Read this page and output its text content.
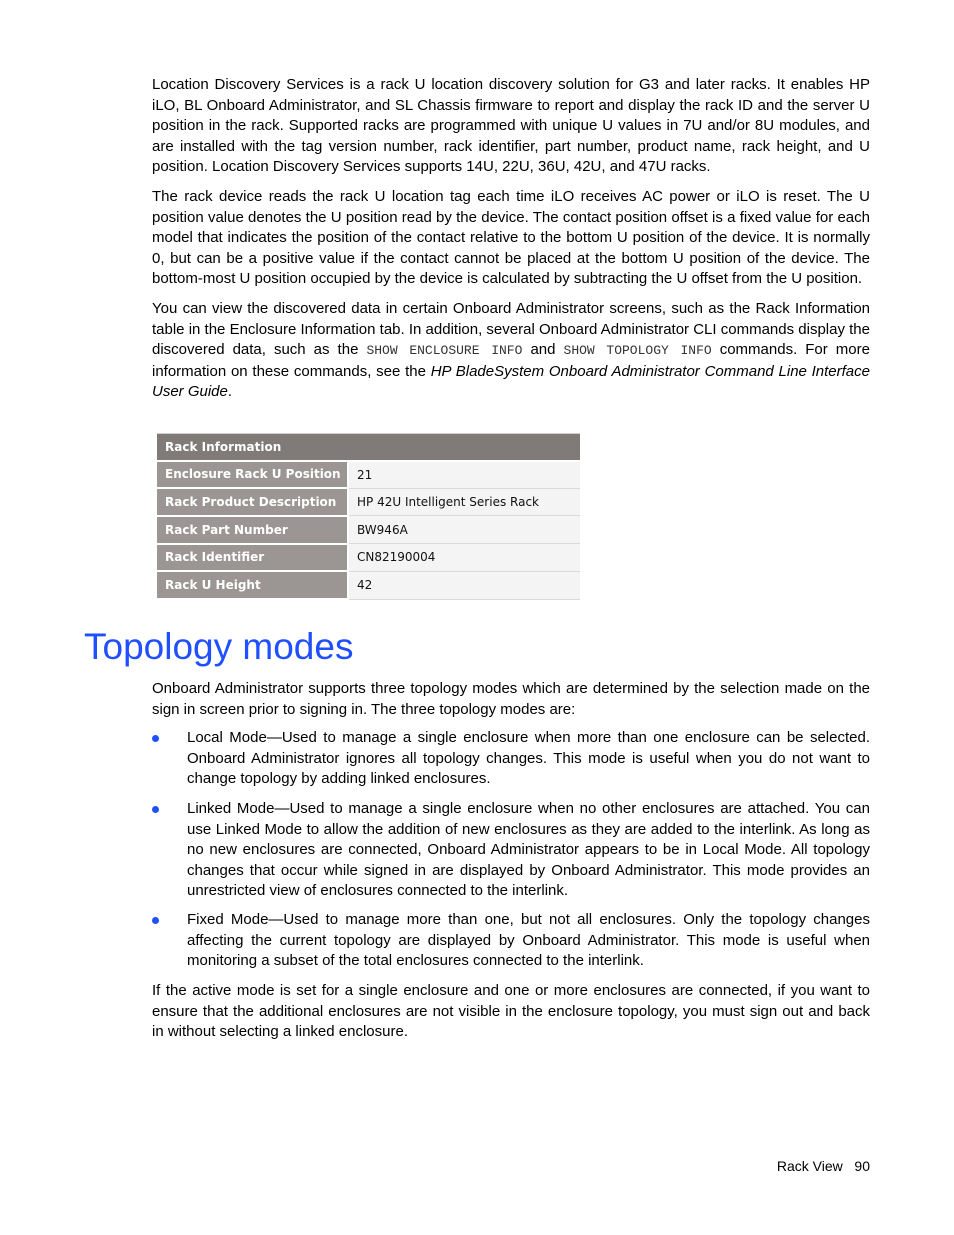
Location Discovery Services is a rack U location discovery solution for G3 and later racks. It enables HP iLO, BL Onboard Administrator, and SL Chassis firmware to report and display the rack ID and the server U position in the rack. Supported racks are programmed with unique U values in 7U and/or 8U modules, and are installed with the tag version number, rack identifier, part number, product name, rack height, and U position. Location Discovery Services supports 14U, 22U, 36U, 42U, and 47U racks.

The rack device reads the rack U location tag each time iLO receives AC power or iLO is reset. The U position value denotes the U position read by the device. The contact position offset is a fixed value for each model that indicates the position of the contact relative to the bottom U position of the device. It is normally 0, but can be a positive value if the contact cannot be placed at the bottom U position of the device. The bottom-most U position occupied by the device is calculated by subtracting the U offset from the U position.

You can view the discovered data in certain Onboard Administrator screens, such as the Rack Information table in the Enclosure Information tab. In addition, several Onboard Administrator CLI commands display the discovered data, such as the SHOW ENCLOSURE INFO and SHOW TOPOLOGY INFO commands. For more information on these commands, see the HP BladeSystem Onboard Administrator Command Line Interface User Guide.

Rack Information	
Enclosure Rack U Position	21
Rack Product Description	HP 42U Intelligent Series Rack
Rack Part Number	BW946A
Rack Identifier	CN82190004
Rack U Height	42
Topology modes

Onboard Administrator supports three topology modes which are determined by the selection made on the sign in screen prior to signing in. The three topology modes are:

Local Mode—Used to manage a single enclosure when more than one enclosure can be selected. Onboard Administrator ignores all topology changes. This mode is useful when you do not want to change topology by adding linked enclosures.
Linked Mode—Used to manage a single enclosure when no other enclosures are attached. You can use Linked Mode to allow the addition of new enclosures as they are added to the interlink. As long as no new enclosures are connected, Onboard Administrator appears to be in Local Mode. All topology changes that occur while signed in are displayed by Onboard Administrator. This mode provides an unrestricted view of enclosures connected to the interlink.
Fixed Mode—Used to manage more than one, but not all enclosures. Only the topology changes affecting the current topology are displayed by Onboard Administrator. This mode is useful when monitoring a subset of the total enclosures connected to the interlink.

If the active mode is set for a single enclosure and one or more enclosures are connected, if you want to ensure that the additional enclosures are not visible in the enclosure topology, you must sign out and back in without selecting a linked enclosure.

Rack View 90
